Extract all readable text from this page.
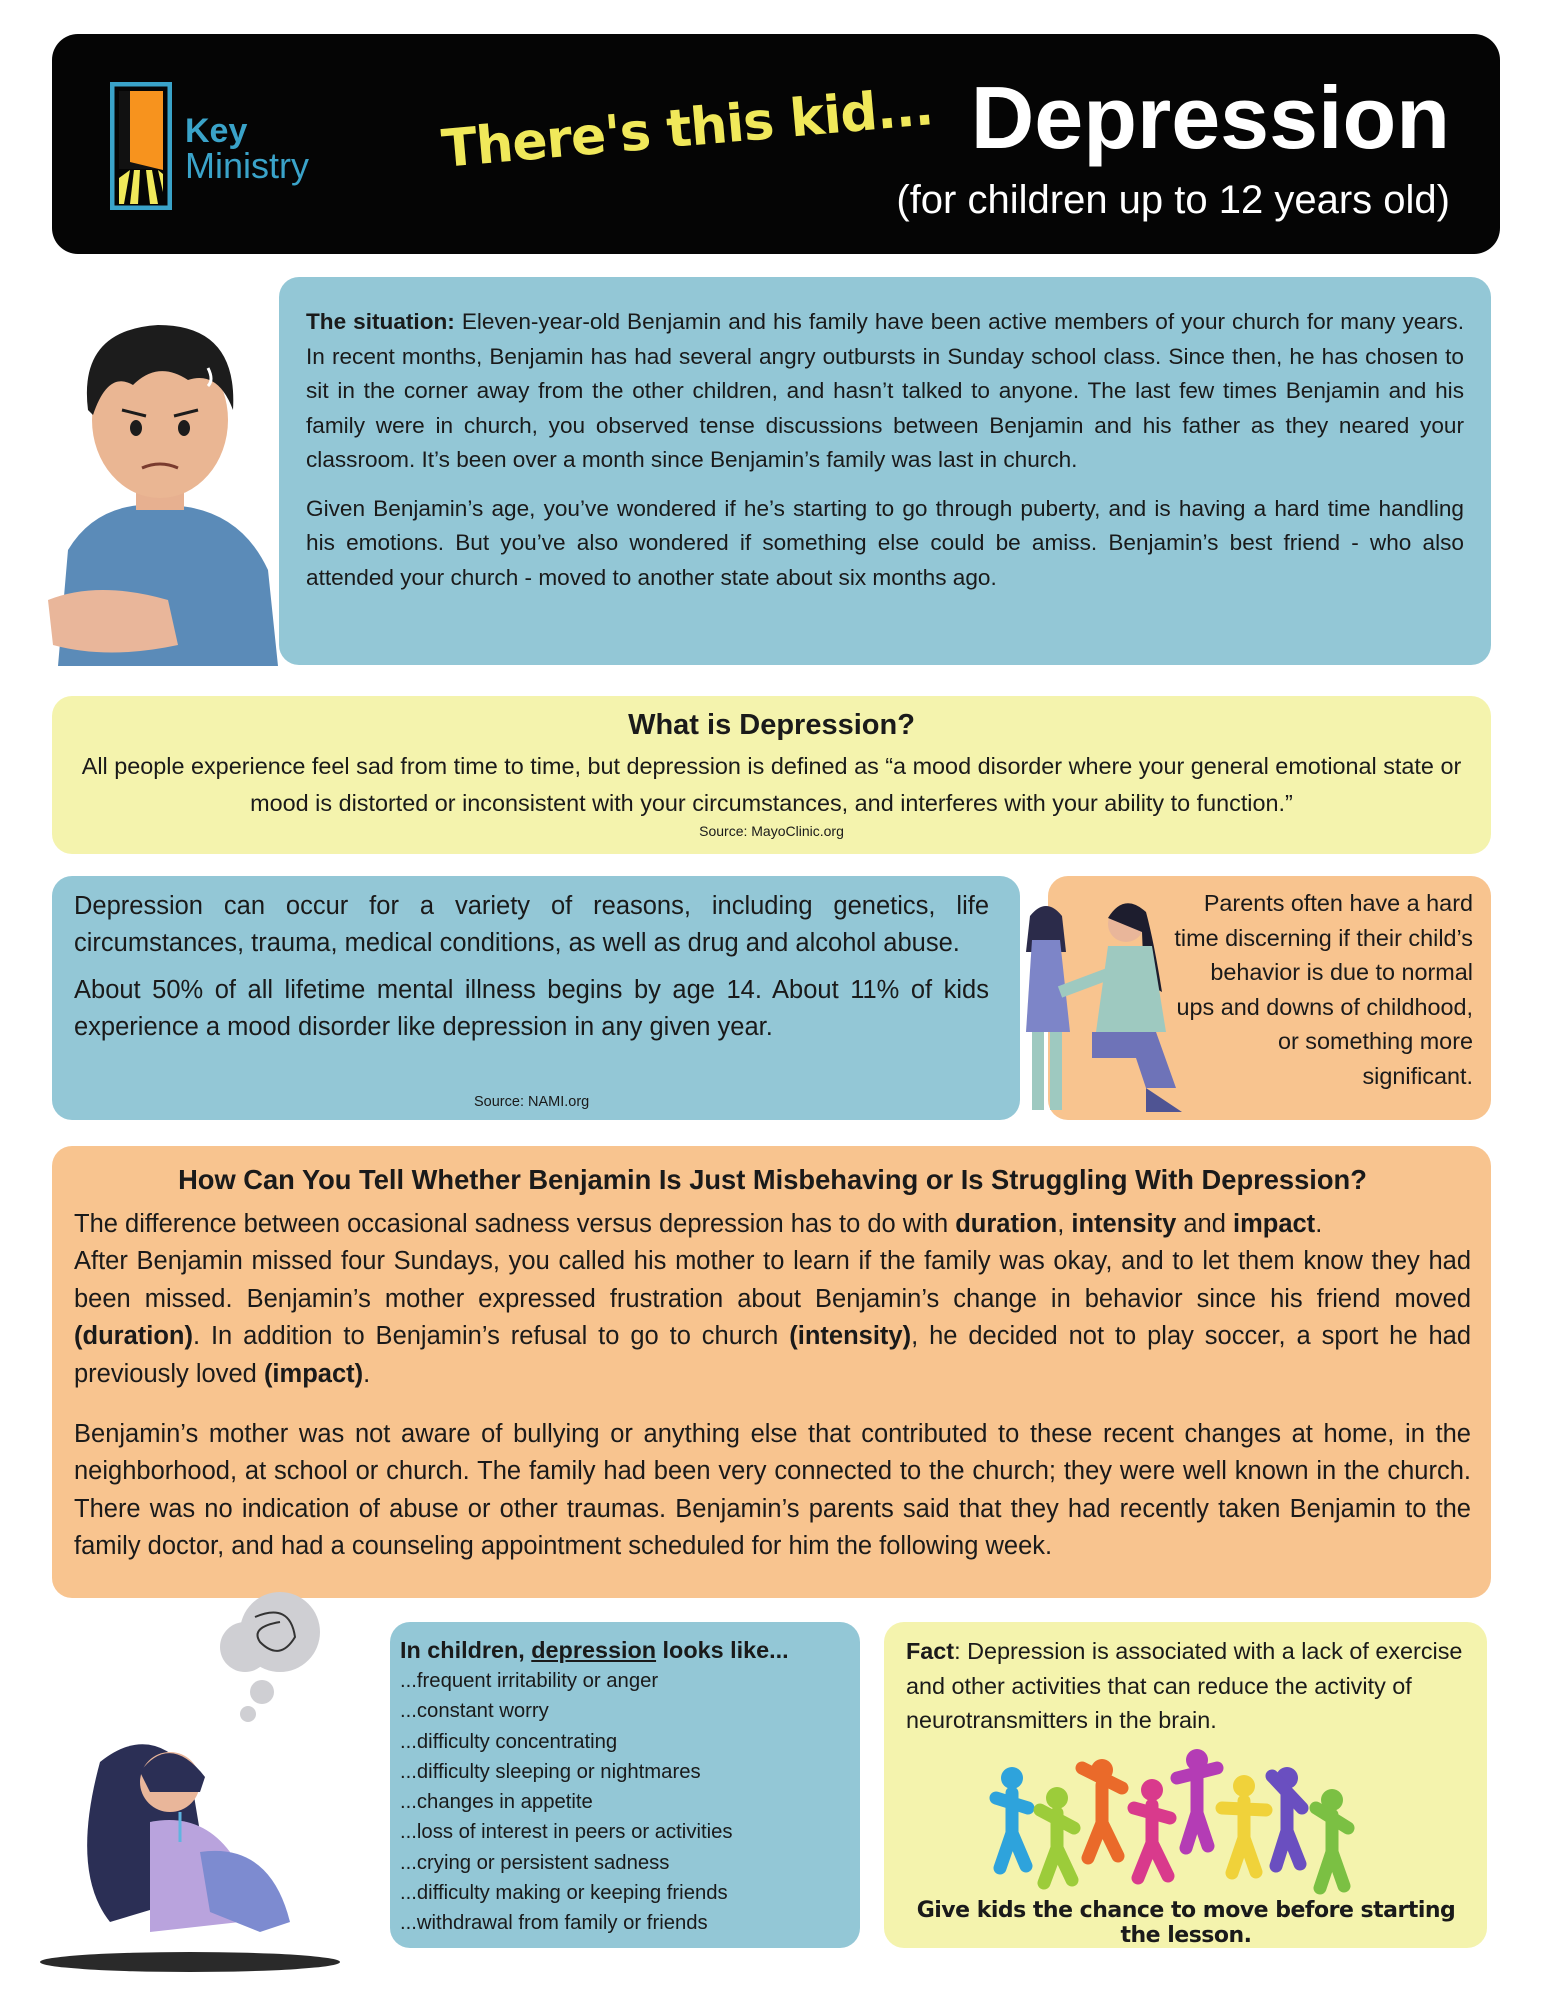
Key
Ministry	There's this kid... Depression
(for children up to 12 years old)

The situation: Eleven-year-old Benjamin and his family have been active members of your church for many years. In recent months, Benjamin has had several angry outbursts in Sunday school class. Since then, he has chosen to sit in the corner away from the other children, and hasn’t talked to anyone. The last few times Benjamin and his family were in church, you observed tense discussions between Benjamin and his father as they neared your classroom. It’s been over a month since Benjamin’s family was last in church.

Given Benjamin’s age, you’ve wondered if he’s starting to go through puberty, and is having a hard time handling his emotions. But you’ve also wondered if something else could be amiss. Benjamin’s best friend - who also attended your church - moved to another state about six months ago.

What is Depression?
All people experience feel sad from time to time, but depression is defined as “a mood disorder where your general emotional state or mood is distorted or inconsistent with your circumstances, and interferes with your ability to function.”
Source: MayoClinic.org

Depression can occur for a variety of reasons, including genetics, life circumstances, trauma, medical conditions, as well as drug and alcohol abuse.

About 50% of all lifetime mental illness begins by age 14. About 11% of kids experience a mood disorder like depression in any given year.

Source: NAMI.org
Parents often have a hard time discerning if their child’s behavior is due to normal ups and downs of childhood, or something more significant.
How Can You Tell Whether Benjamin Is Just Misbehaving or Is Struggling With Depression?

The difference between occasional sadness versus depression has to do with duration, intensity and impact.
After Benjamin missed four Sundays, you called his mother to learn if the family was okay, and to let them know they had been missed. Benjamin’s mother expressed frustration about Benjamin’s change in behavior since his friend moved (duration). In addition to Benjamin’s refusal to go to church (intensity), he decided not to play soccer, a sport he had previously loved (impact).

Benjamin’s mother was not aware of bullying or anything else that contributed to these recent changes at home, in the neighborhood, at school or church. The family had been very connected to the church; they were well known in the church. There was no indication of abuse or other traumas. Benjamin’s parents said that they had recently taken Benjamin to the family doctor, and had a counseling appointment scheduled for him the following week.

In children, depression looks like...
...frequent irritability or anger
...constant worry
...difficulty concentrating
...difficulty sleeping or nightmares
...changes in appetite
...loss of interest in peers or activities
...crying or persistent sadness
...difficulty making or keeping friends
...withdrawal from family or friends
Fact: Depression is associated with a lack of exercise and other activities that can reduce the activity of neurotransmitters in the brain.
Give kids the chance to move before starting the lesson.
